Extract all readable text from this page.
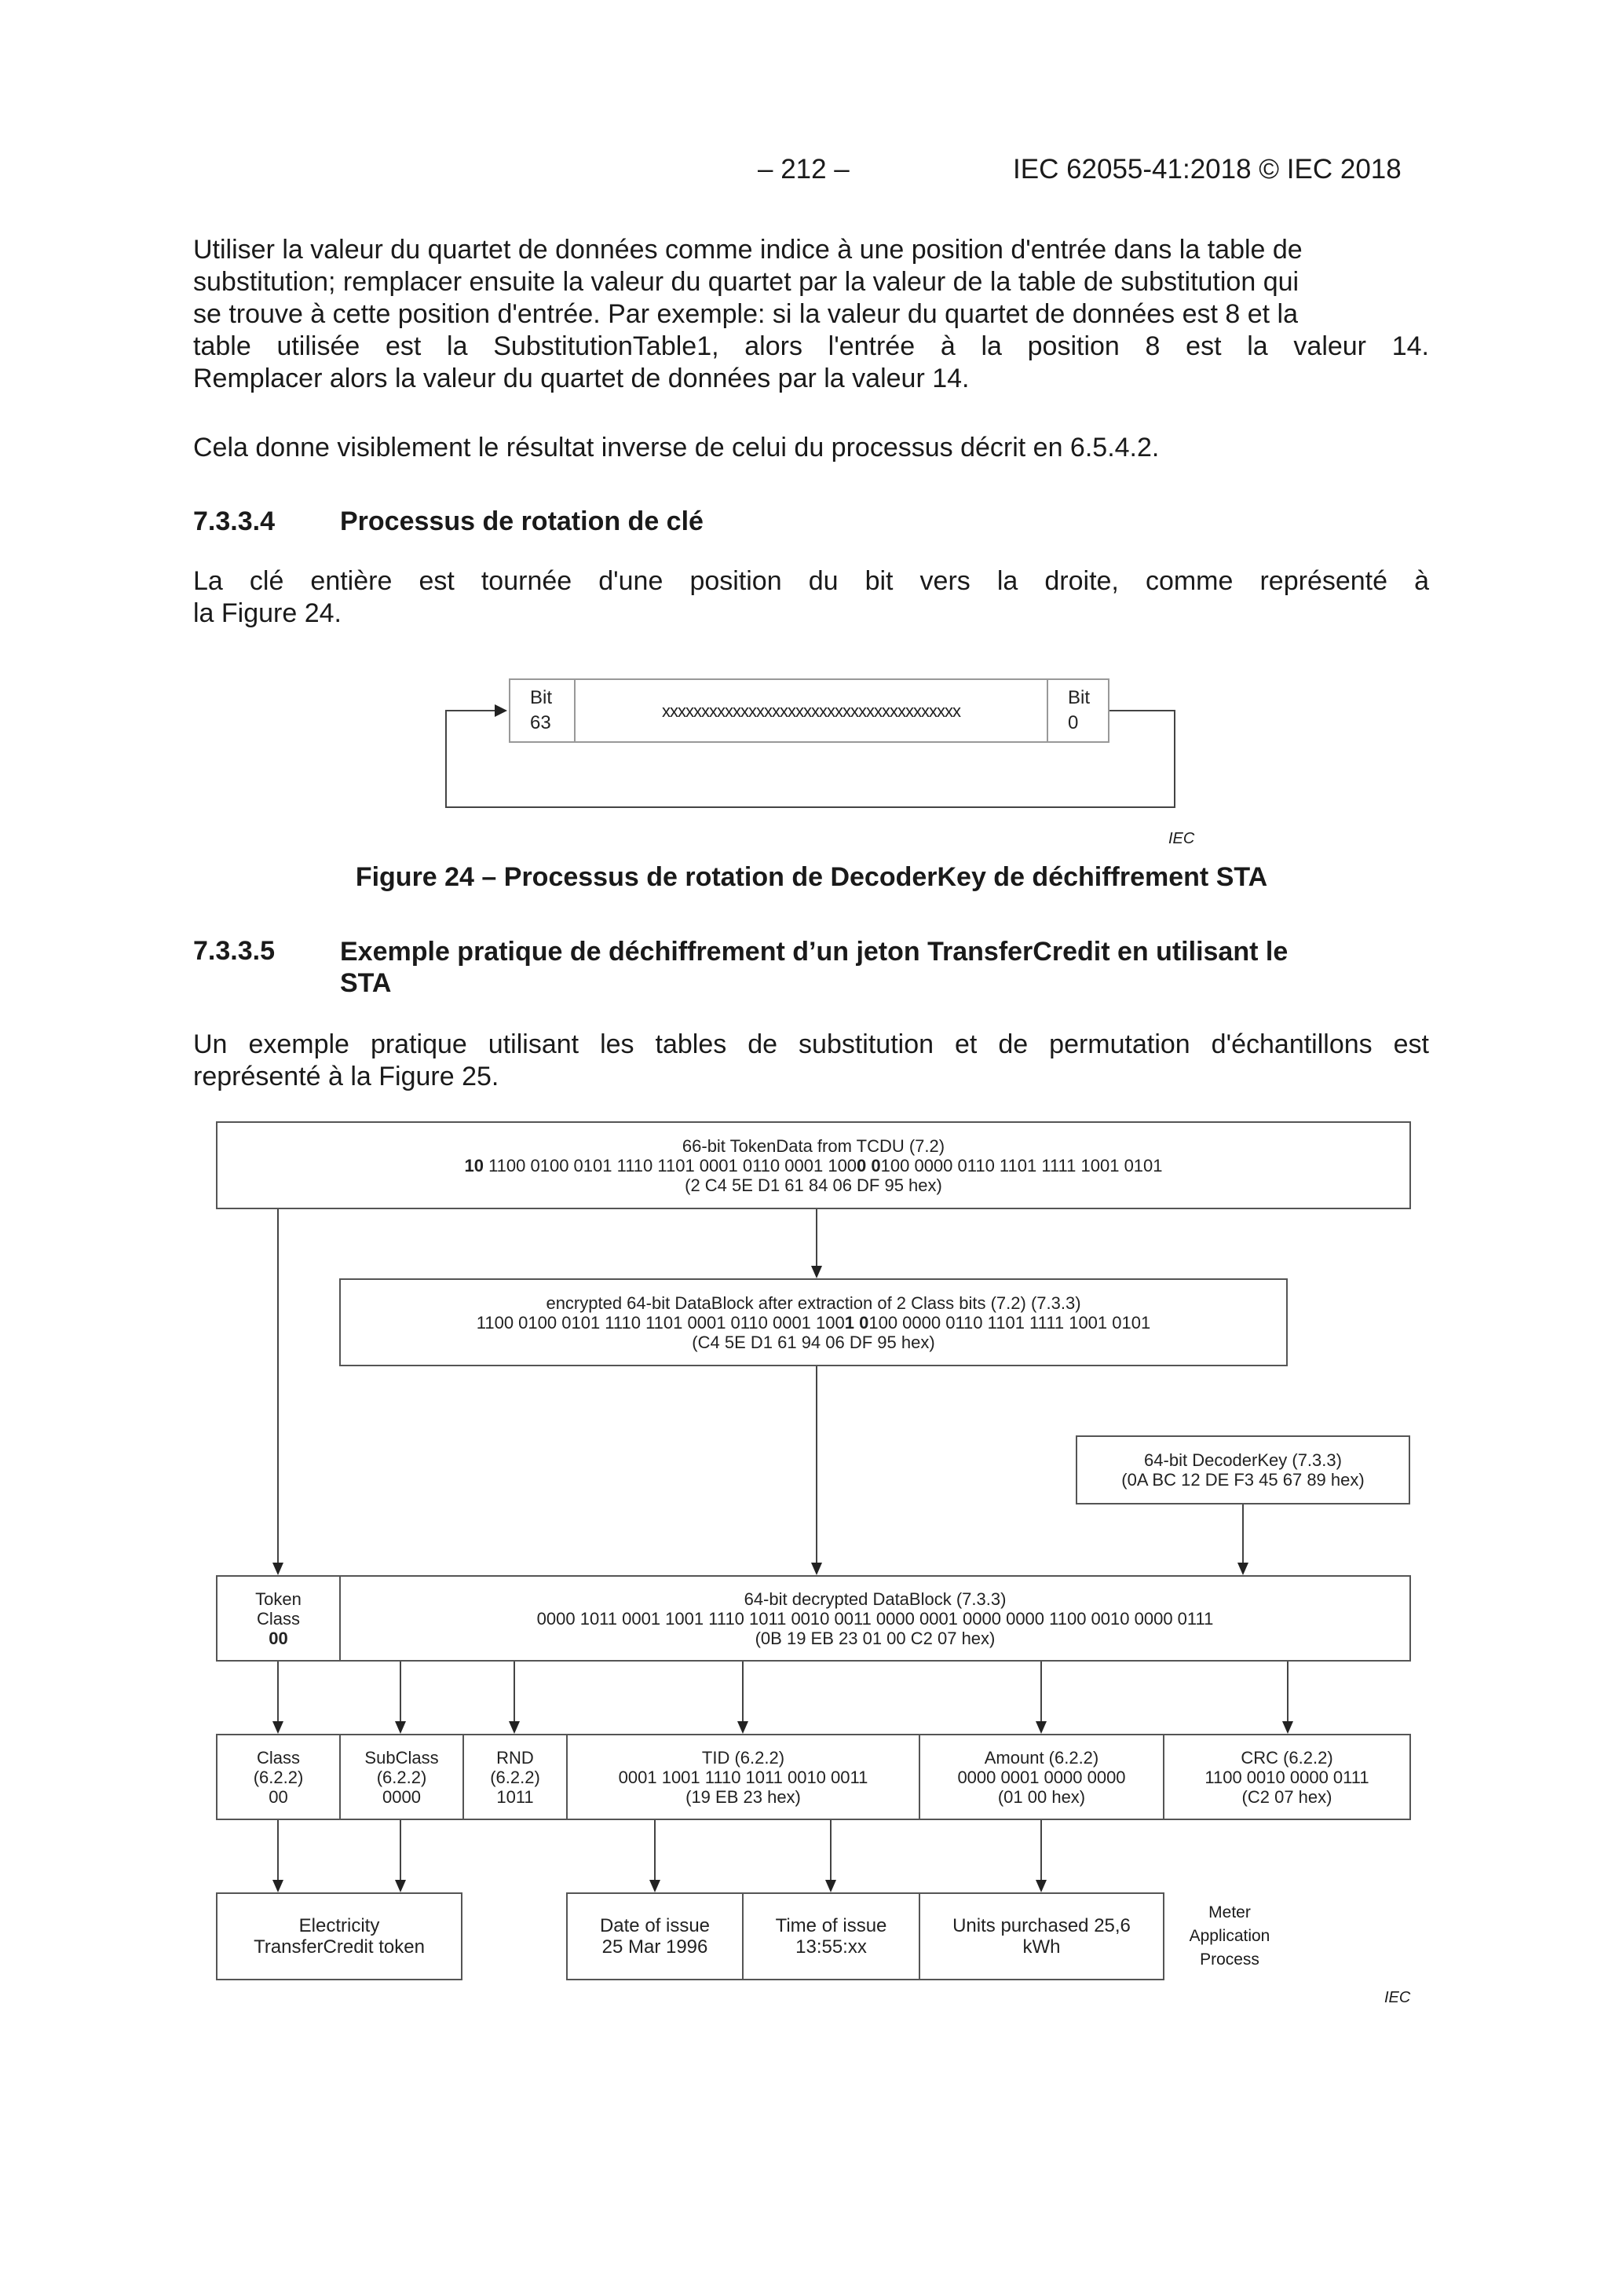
– 212 –	IEC 62055-41:2018 © IEC 2018
Utiliser la valeur du quartet de données comme indice à une position d'entrée dans la table de
substitution; remplacer ensuite la valeur du quartet par la valeur de la table de substitution qui
se trouve à cette position d'entrée. Par exemple: si la valeur du quartet de données est 8 et la
table utilisée est la SubstitutionTable1, alors l'entrée à la position 8 est la valeur 14.
Remplacer alors la valeur du quartet de données par la valeur 14.
Cela donne visiblement le résultat inverse de celui du processus décrit en 6.5.4.2.
7.3.3.4 Processus de rotation de clé
La clé entière est tournée d'une position du bit vers la droite, comme représenté à
la Figure 24.
Bit
63
xxxxxxxxxxxxxxxxxxxxxxxxxxxxxxxxxxxxxx
Bit
0
IEC
Figure 24 – Processus de rotation de DecoderKey de déchiffrement STA
7.3.3.5 Exemple pratique de déchiffrement d’un jeton TransferCredit en utilisant le
STA
Un exemple pratique utilisant les tables de substitution et de permutation d'échantillons est
représenté à la Figure 25.
66-bit TokenData from TCDU (7.2)
10 1100 0100 0101 1110 1101 0001 0110 0001 1000 0100 0000 0110 1101 1111 1001 0101
(2 C4 5E D1 61 84 06 DF 95 hex)
encrypted 64-bit DataBlock after extraction of 2 Class bits (7.2) (7.3.3)
1100 0100 0101 1110 1101 0001 0110 0001 1001 0100 0000 0110 1101 1111 1001 0101
(C4 5E D1 61 94 06 DF 95 hex)
64-bit DecoderKey (7.3.3)
(0A BC 12 DE F3 45 67 89 hex)
Token
Class
00
64-bit decrypted DataBlock (7.3.3)
0000 1011 0001 1001 1110 1011 0010 0011 0000 0001 0000 0000 1100 0010 0000 0111
(0B 19 EB 23 01 00 C2 07 hex)
Class
(6.2.2)
00
SubClass
(6.2.2)
0000
RND
(6.2.2)
1011
TID (6.2.2)
0001 1001 1110 1011 0010 0011
(19 EB 23 hex)
Amount (6.2.2)
0000 0001 0000 0000
(01 00 hex)
CRC (6.2.2)
1100 0010 0000 0111
(C2 07 hex)
Electricity
TransferCredit token
Date of issue
25 Mar 1996
Time of issue
13:55:xx
Units purchased 25,6
kWh
Meter
Application
Process
IEC
